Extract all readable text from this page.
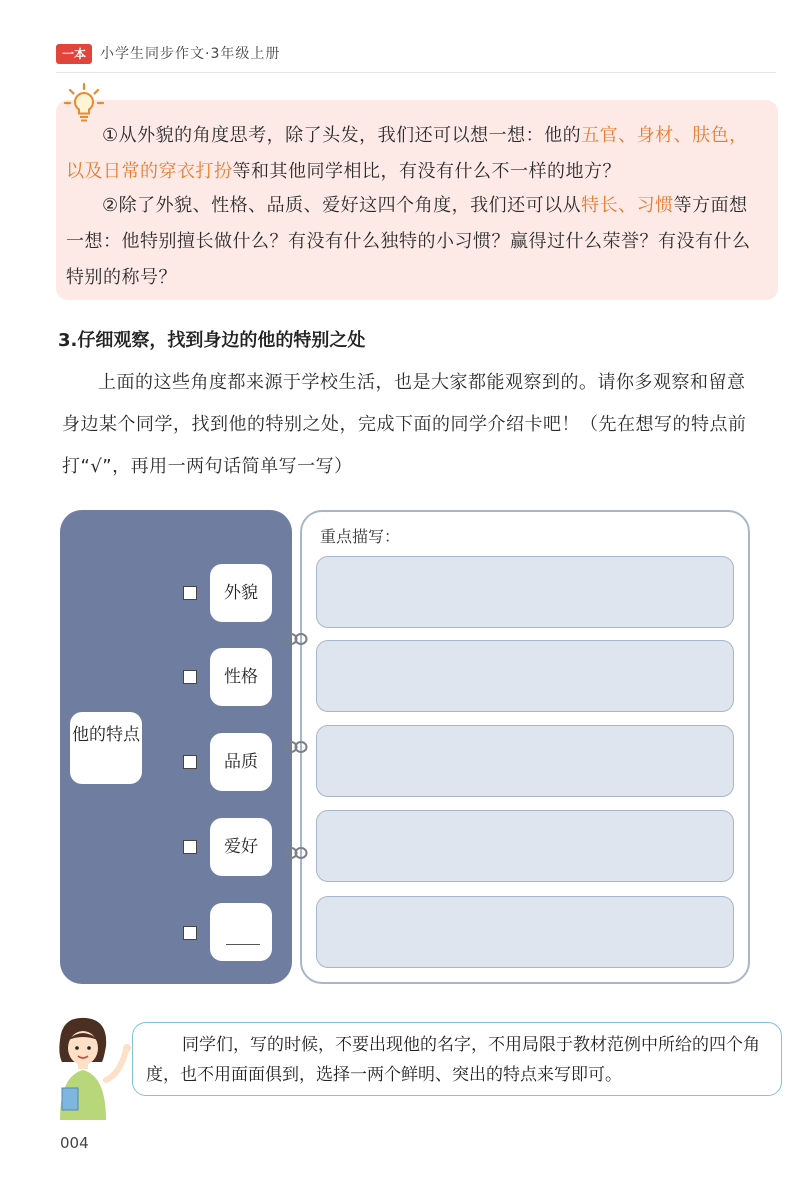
一本	小学生同步作文·3年级上册
①从外貌的角度思考，除了头发，我们还可以想一想：他的五官、身材、肤色，以及日常的穿衣打扮等和其他同学相比，有没有什么不一样的地方？
②除了外貌、性格、品质、爱好这四个角度，我们还可以从特长、习惯等方面想一想：他特别擅长做什么？有没有什么独特的小习惯？赢得过什么荣誉？有没有什么特别的称号？
3.仔细观察，找到身边的他的特别之处
上面的这些角度都来源于学校生活，也是大家都能观察到的。请你多观察和留意身边某个同学，找到他的特别之处，完成下面的同学介绍卡吧！（先在想写的特点前打“√”，再用一两句话简单写一写）
他的特点
外貌
性格
品质
爱好
重点描写：
同学们，写的时候，不要出现他的名字，不用局限于教材范例中所给的四个角度，也不用面面俱到，选择一两个鲜明、突出的特点来写即可。
004
